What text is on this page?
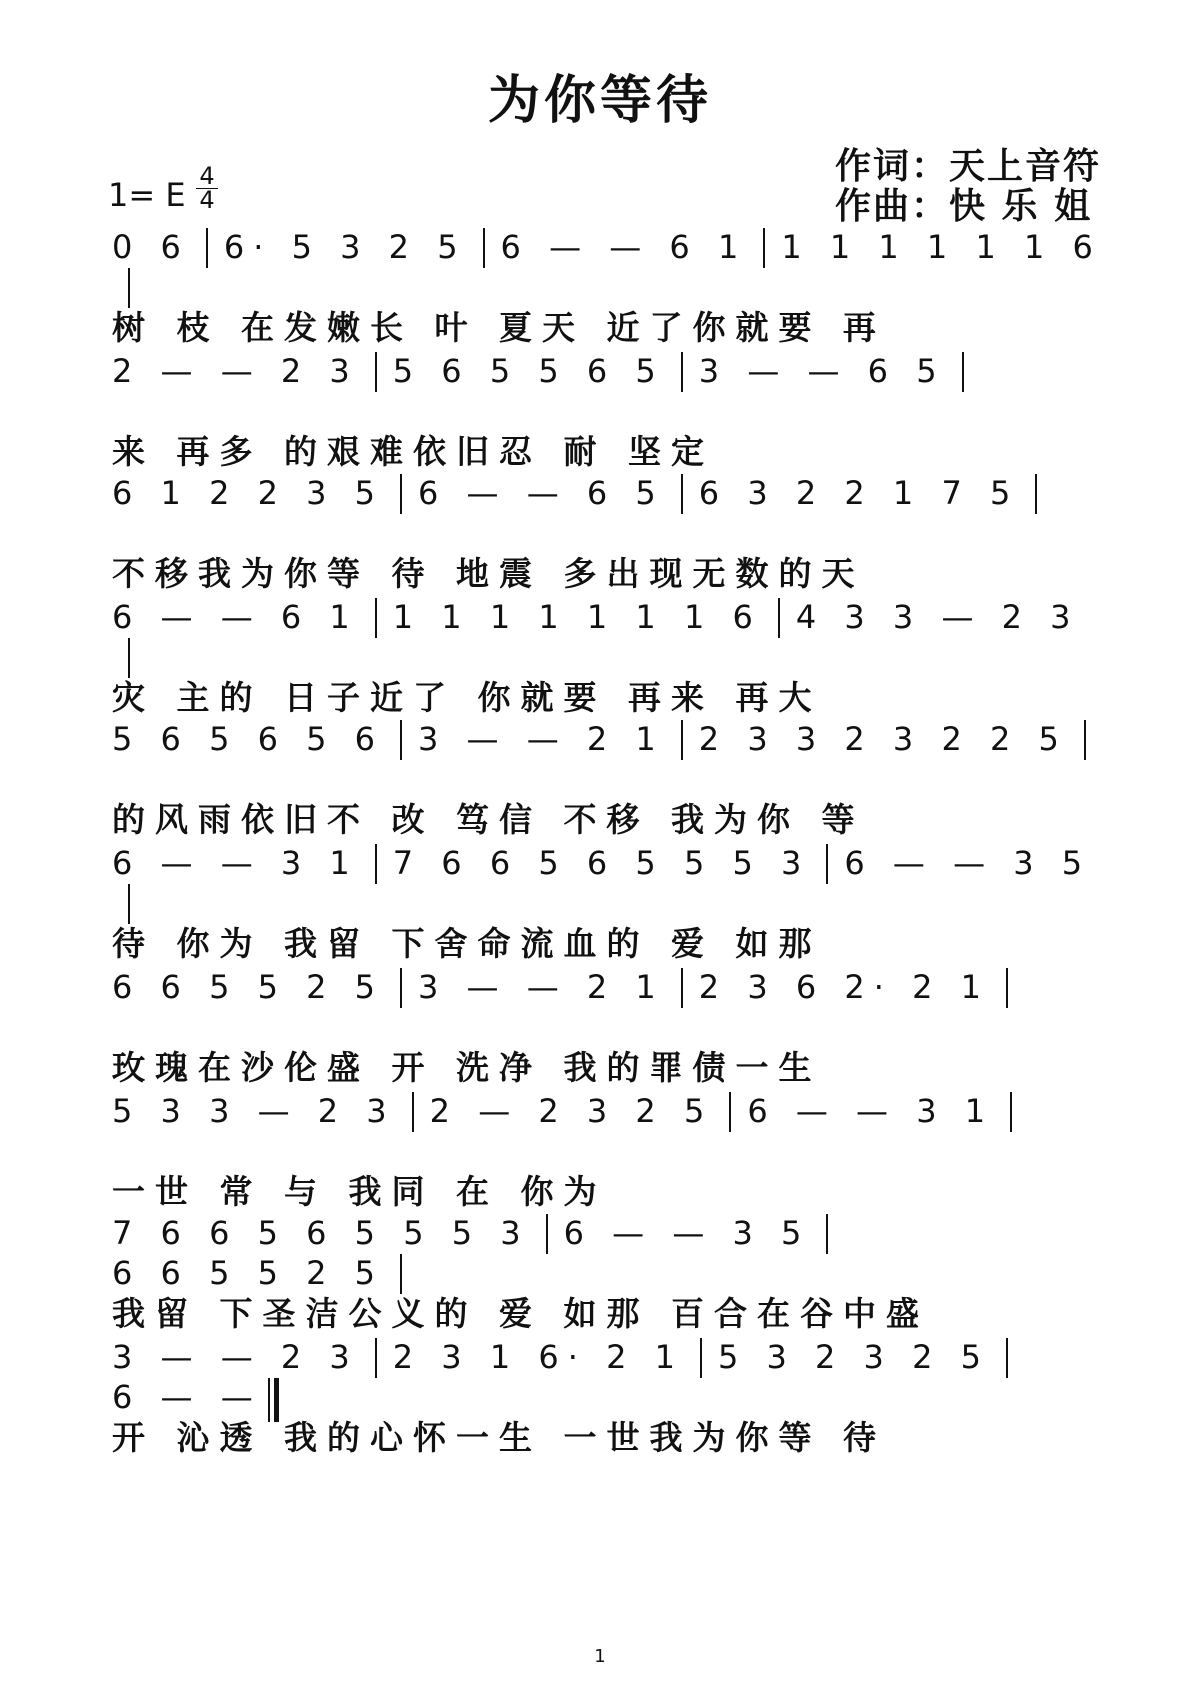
为你等待
作词：天上音符
作曲：快 乐 姐
1= E 4
4
0 6 6· 5 3 2 5 6 — — 6 1 1 1 1 1 1 1 6
树 枝 在发嫩长 叶 夏天 近了你就要 再
2 — — 2 3 5 6 5 5 6 5 3 — — 6 5
来 再多 的艰难依旧忍 耐 坚定
6 1 2 2 3 5 6 — — 6 5 6 3 2 2 1 7 5
不移我为你等 待 地震 多出现无数的天
6 — — 6 1 1 1 1 1 1 1 1 6 4 3 3 — 2 3
灾 主的 日子近了 你就要 再来 再大
5 6 5 6 5 6 3 — — 2 1 2 3 3 2 3 2 2 5
的风雨依旧不 改 笃信 不移 我为你 等
6 — — 3 1 7 6 6 5 6 5 5 5 3 6 — — 3 5
待 你为 我留 下舍命流血的 爱 如那
6 6 5 5 2 5 3 — — 2 1 2 3 6 2· 2 1
玫瑰在沙伦盛 开 洗净 我的罪债一生
5 3 3 — 2 3 2 — 2 3 2 5 6 — — 3 1
一世 常 与 我同 在 你为
7 6 6 5 6 5 5 5 3 6 — — 3 56 6 5 5 2 5
我留 下圣洁公义的 爱 如那 百合在谷中盛
3 — — 2 3 2 3 1 6· 2 1 5 3 2 3 2 56 — —
开 沁透 我的心怀一生 一世我为你等 待
1
